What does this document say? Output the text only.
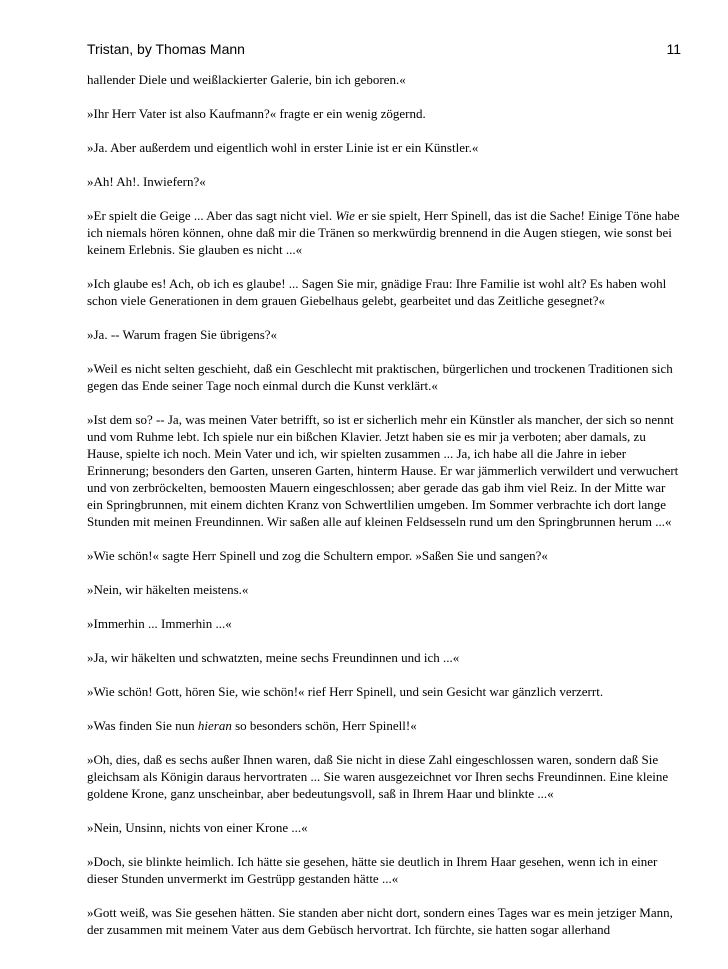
Tristan, by Thomas Mann	11

hallender Diele und weißlackierter Galerie, bin ich geboren.«

»Ihr Herr Vater ist also Kaufmann?« fragte er ein wenig zögernd.

»Ja. Aber außerdem und eigentlich wohl in erster Linie ist er ein Künstler.«

»Ah! Ah!. Inwiefern?«

»Er spielt die Geige ... Aber das sagt nicht viel. Wie er sie spielt, Herr Spinell, das ist die Sache! Einige Töne habe ich niemals hören können, ohne daß mir die Tränen so merkwürdig brennend in die Augen stiegen, wie sonst bei keinem Erlebnis. Sie glauben es nicht ...«

»Ich glaube es! Ach, ob ich es glaube! ... Sagen Sie mir, gnädige Frau: Ihre Familie ist wohl alt? Es haben wohl schon viele Generationen in dem grauen Giebelhaus gelebt, gearbeitet und das Zeitliche gesegnet?«

»Ja. -- Warum fragen Sie übrigens?«

»Weil es nicht selten geschieht, daß ein Geschlecht mit praktischen, bürgerlichen und trockenen Traditionen sich gegen das Ende seiner Tage noch einmal durch die Kunst verklärt.«

»Ist dem so? -- Ja, was meinen Vater betrifft, so ist er sicherlich mehr ein Künstler als mancher, der sich so nennt und vom Ruhme lebt. Ich spiele nur ein bißchen Klavier. Jetzt haben sie es mir ja verboten; aber damals, zu Hause, spielte ich noch. Mein Vater und ich, wir spielten zusammen ... Ja, ich habe all die Jahre in ieber Erinnerung; besonders den Garten, unseren Garten, hinterm Hause. Er war jämmerlich verwildert und verwuchert und von zerbröckelten, bemoosten Mauern eingeschlossen; aber gerade das gab ihm viel Reiz. In der Mitte war ein Springbrunnen, mit einem dichten Kranz von Schwertlilien umgeben. Im Sommer verbrachte ich dort lange Stunden mit meinen Freundinnen. Wir saßen alle auf kleinen Feldsesseln rund um den Springbrunnen herum ...«

»Wie schön!« sagte Herr Spinell und zog die Schultern empor. »Saßen Sie und sangen?«

»Nein, wir häkelten meistens.«

»Immerhin ... Immerhin ...«

»Ja, wir häkelten und schwatzten, meine sechs Freundinnen und ich ...«

»Wie schön! Gott, hören Sie, wie schön!« rief Herr Spinell, und sein Gesicht war gänzlich verzerrt.

»Was finden Sie nun hieran so besonders schön, Herr Spinell!«

»Oh, dies, daß es sechs außer Ihnen waren, daß Sie nicht in diese Zahl eingeschlossen waren, sondern daß Sie gleichsam als Königin daraus hervortraten ... Sie waren ausgezeichnet vor Ihren sechs Freundinnen. Eine kleine goldene Krone, ganz unscheinbar, aber bedeutungsvoll, saß in Ihrem Haar und blinkte ...«

»Nein, Unsinn, nichts von einer Krone ...«

»Doch, sie blinkte heimlich. Ich hätte sie gesehen, hätte sie deutlich in Ihrem Haar gesehen, wenn ich in einer dieser Stunden unvermerkt im Gestrüpp gestanden hätte ...«

»Gott weiß, was Sie gesehen hätten. Sie standen aber nicht dort, sondern eines Tages war es mein jetziger Mann, der zusammen mit meinem Vater aus dem Gebüsch hervortrat. Ich fürchte, sie hatten sogar allerhand
